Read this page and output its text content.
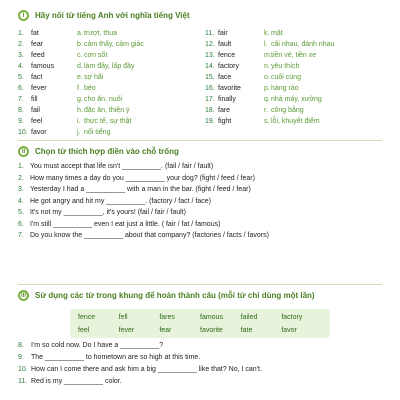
I Hãy nối từ tiếng Anh với nghĩa tiếng Việt
1.	fat	a. trượt, thua
2.	fear	b. cảm thấy, cảm giác
3.	feed	c. cơn sốt
4.	famous	d. làm đầy, lấp đầy
5.	fact	e. sợ hãi
6.	fever	f. béo
7.	fill	g. cho ăn, nuôi
8.	fail	h. đặc ân, thiện ý
9.	feel	i. thực tế, sự thật
10. favor	j. nổi tiếng
11. fair	k. mặt
12. fault	l. cãi nhau, đánh nhau
13. fence	m. tiền vé, tiền xe
14. factory	n. yêu thích
15. face	o. cuối cùng
16. favorite	p. hàng rào
17. finally	q. nhà máy, xưởng
18. fare	r. công bằng
19. fight	s. lỗi, khuyết điểm
II Chọn từ thích hợp điền vào chỗ trống
1. You must accept that life isn't __________. (fail / fair / fault)
2. How many times a day do you __________ your dog? (fight / feed / fear)
3. Yesterday I had a __________ with a man in the bar. (fight / feed / fear)
4. He got angry and hit my __________. (factory / fact / face)
5. It's not my __________, it's yours! (fail / fair / fault)
6. I'm still __________ even I eat just a little. ( fair / fat / famous)
7. Do you know the __________ about that company? (factories / facts / favors)
III Sử dụng các từ trong khung để hoàn thành câu (mỗi từ chỉ dùng một lần)
fence	fell	fares	famous	failed	factory
feel	fever	fear	favorite	fate	favor
8.	I'm so cold now. Do I have a __________?
9.	The __________ to hometown are so high at this time.
10. How can I come there and ask him a big __________ like that? No, I can't.
11. Red is my __________ color.
